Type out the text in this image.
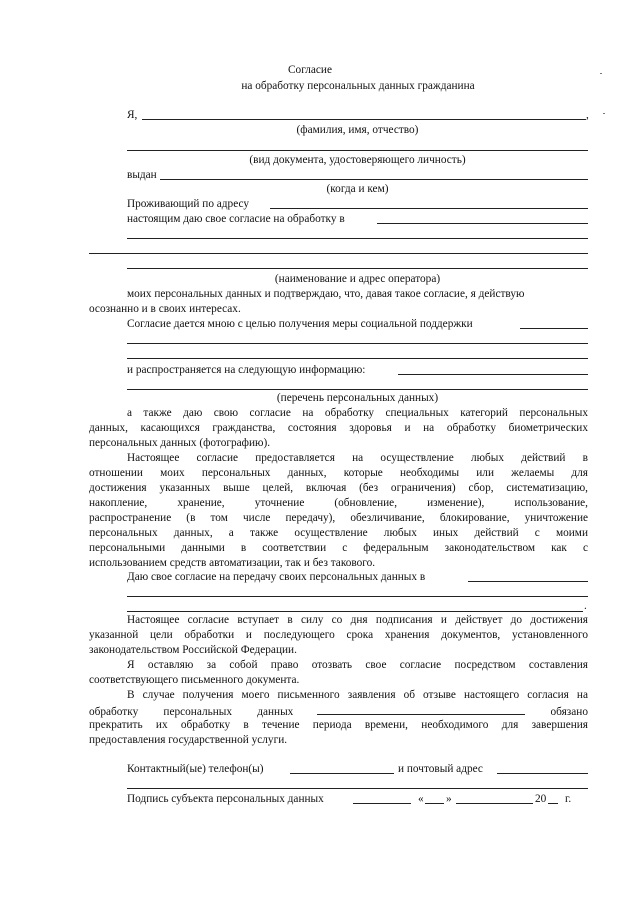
Согласие
на обработку персональных данных гражданина
Я,	,
(фамилия, имя, отчество)
(вид документа, удостоверяющего личность)
выдан
(когда и кем)
Проживающий по адресу
настоящим даю свое согласие на обработку в
(наименование и адрес оператора)
моих персональных данных и подтверждаю, что, давая такое согласие, я действую
осознанно и в своих интересах.
Согласие дается мною с целью получения меры социальной поддержки
и распространяется на следующую информацию:
(перечень персональных данных)
а также даю свою согласие на обработку специальных категорий персональных
данных, касающихся гражданства, состояния здоровья и на обработку биометрических
персональных данных (фотографию).
Настоящее согласие предоставляется на осуществление любых действий в
отношении моих персональных данных, которые необходимы или желаемы для
достижения указанных выше целей, включая (без ограничения) сбор, систематизацию,
накопление, хранение, уточнение (обновление, изменение), использование,
распространение (в том числе передачу), обезличивание, блокирование, уничтожение
персональных данных, а также осуществление любых иных действий с моими
персональными данными в соответствии с федеральным законодательством как с
использованием средств автоматизации, так и без такового.
Даю свое согласие на передачу своих персональных данных в
.
Настоящее согласие вступает в силу со дня подписания и действует до достижения
указанной цели обработки и последующего срока хранения документов, установленного
законодательством Российской Федерации.
Я оставляю за собой право отозвать свое согласие посредством составления
соответствующего письменного документа.
В случае получения моего письменного заявления об отзыве настоящего согласия на
обработку персональных данных	обязано
прекратить их обработку в течение периода времени, необходимого для завершения
предоставления государственной услуги.
Контактный(ые) телефон(ы)	и почтовый адрес
Подпись субъекта персональных данных	« »	20 г.
